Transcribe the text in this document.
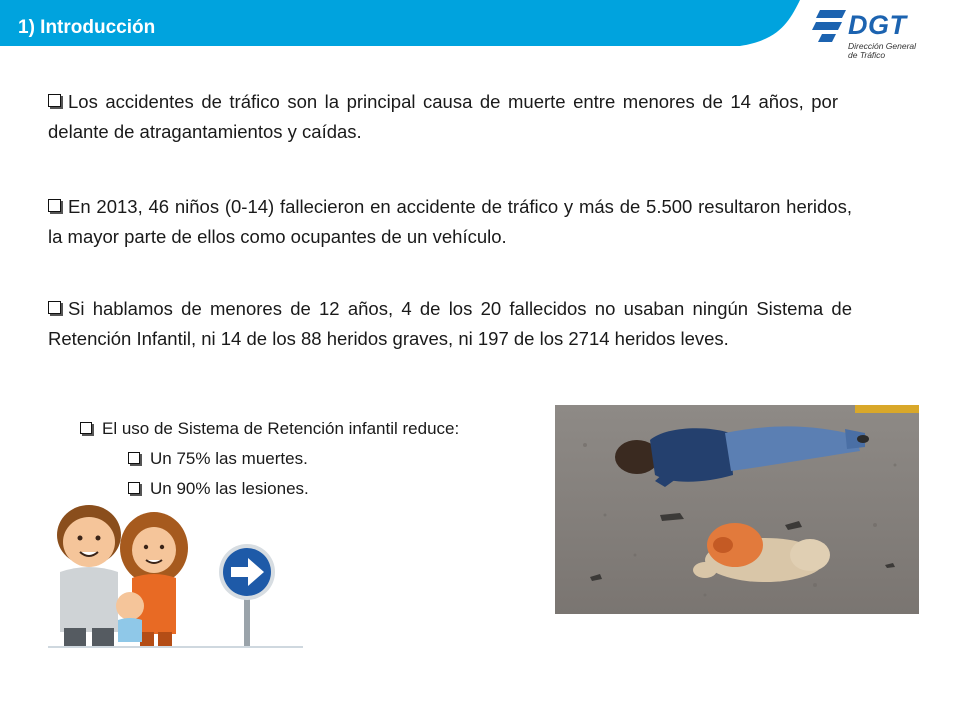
1) Introducción	DGT
Dirección General
de Tráfico
Los accidentes de tráfico son la principal causa de muerte entre menores de 14 años, por delante de atragantamientos y caídas.
En 2013, 46 niños (0-14) fallecieron en accidente de tráfico y más de 5.500 resultaron heridos, la mayor parte de ellos como ocupantes de un vehículo.
Si hablamos de menores de 12 años, 4 de los 20 fallecidos no usaban ningún Sistema de Retención Infantil, ni 14 de los 88 heridos graves, ni 197 de los 2714 heridos leves.
El uso de Sistema de Retención infantil reduce:
Un 75% las muertes.
Un 90% las lesiones.
